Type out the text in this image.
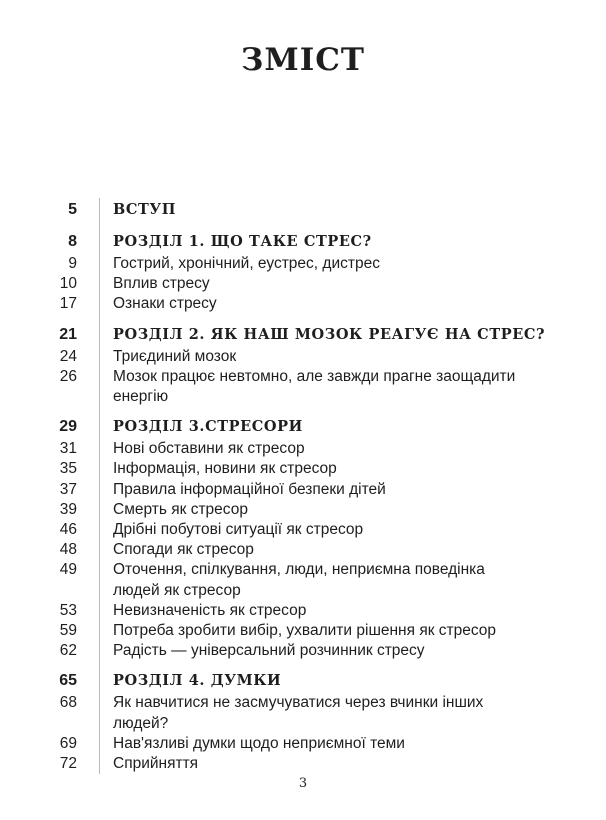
ЗМІСТ
5 ВСТУП
8 РОЗДІЛ 1. ЩО ТАКЕ СТРЕС?
9 Гострий, хронічний, еустрес, дистрес
10 Вплив стресу
17 Ознаки стресу
21 РОЗДІЛ 2. ЯК НАШ МОЗОК РЕАГУЄ НА СТРЕС?
24 Триєдиний мозок
26 Мозок працює невтомно, але завжди прагне заощадити енергію
29 РОЗДІЛ 3.СТРЕСОРИ
31 Нові обставини як стресор
35 Інформація, новини як стресор
37 Правила інформаційної безпеки дітей
39 Смерть як стресор
46 Дрібні побутові ситуації як стресор
48 Спогади як стресор
49 Оточення, спілкування, люди, неприємна поведінка людей як стресор
53 Невизначеність як стресор
59 Потреба зробити вибір, ухвалити рішення як стресор
62 Радість — універсальний розчинник стресу
65 РОЗДІЛ 4. ДУМКИ
68 Як навчитися не засмучуватися через вчинки інших людей?
69 Нав'язливі думки щодо неприємної теми
72 Сприйняття
3
